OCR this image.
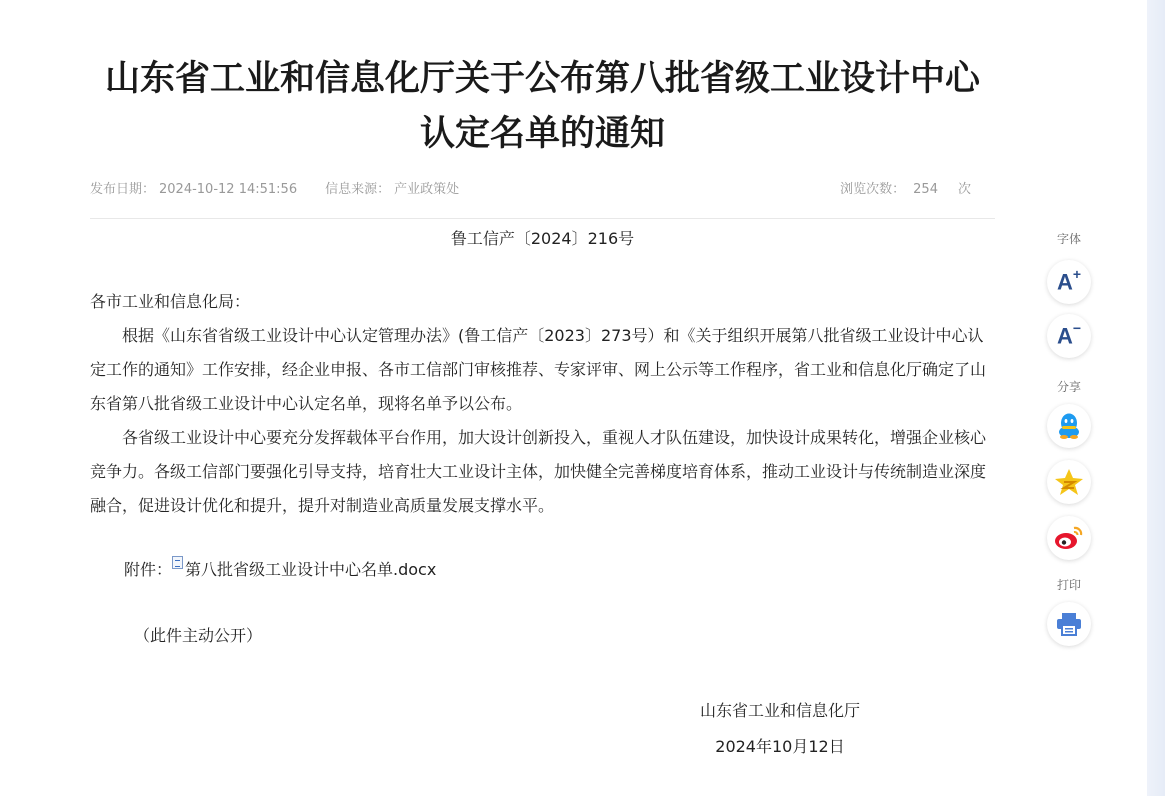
山东省工业和信息化厅关于公布第八批省级工业设计中心认定名单的通知
发布日期： 2024-10-12 14:51:56 信息来源： 产业政策处	浏览次数： 254 次
鲁工信产〔2024〕216号

各市工业和信息化局：

根据《山东省省级工业设计中心认定管理办法》(鲁工信产〔2023〕273号）和《关于组织开展第八批省级工业设计中心认定工作的通知》工作安排，经企业申报、各市工信部门审核推荐、专家评审、网上公示等工作程序，省工业和信息化厅确定了山东省第八批省级工业设计中心认定名单，现将名单予以公布。

各省级工业设计中心要充分发挥载体平台作用，加大设计创新投入，重视人才队伍建设，加快设计成果转化，增强企业核心竞争力。各级工信部门要强化引导支持，培育壮大工业设计主体，加快健全完善梯度培育体系，推动工业设计与传统制造业深度融合，促进设计优化和提升，提升对制造业高质量发展支撑水平。

附件： 第八批省级工业设计中心名单.docx
（此件主动公开）
山东省工业和信息化厅
2024年10月12日
字体
A+
A−
分享
打印
